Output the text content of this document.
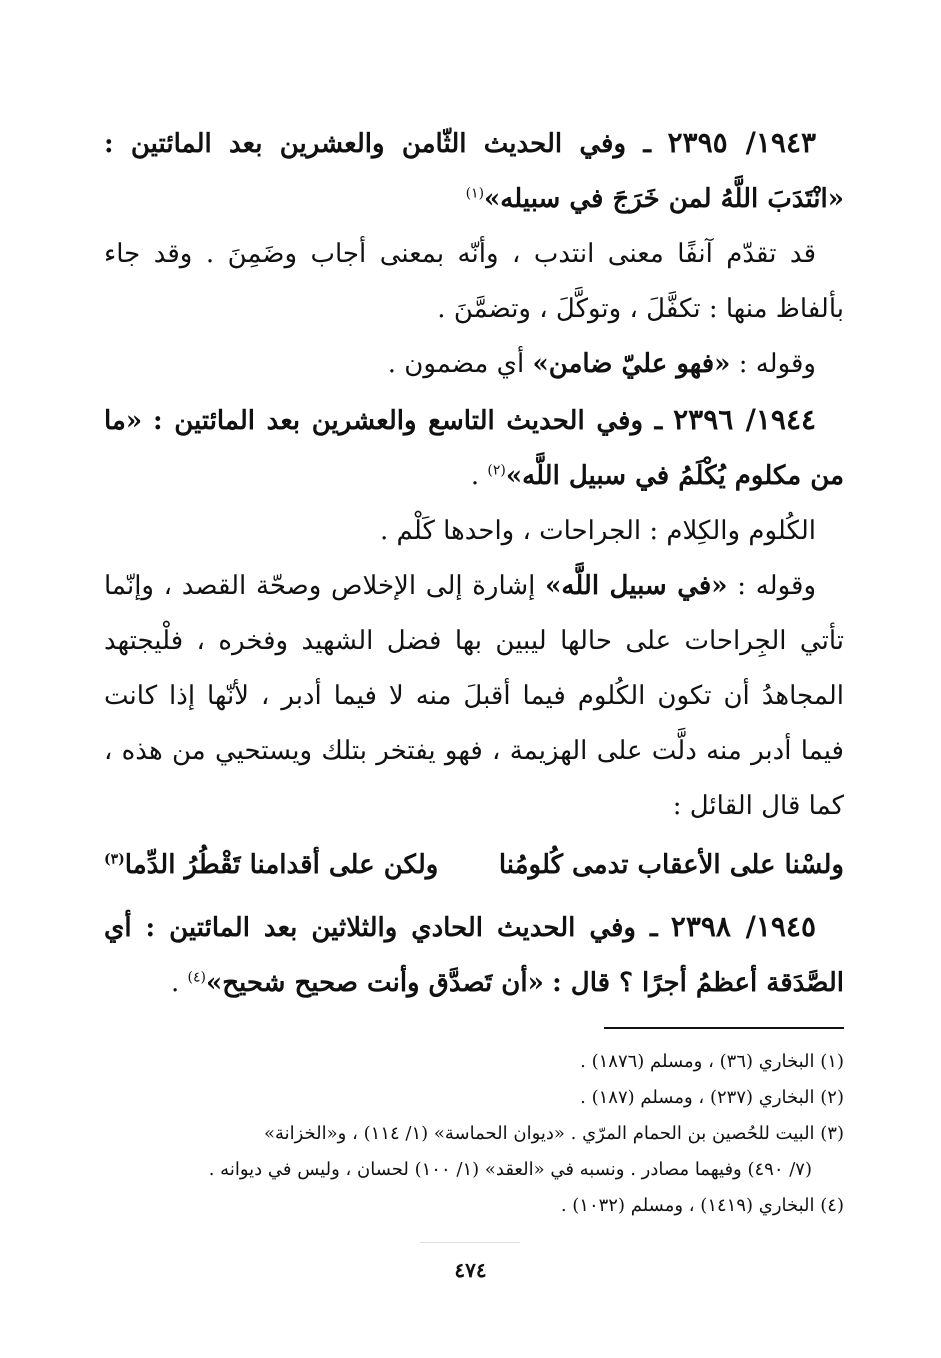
١٩٤٣/ ٢٣٩٥ ـ وفي الحديث الثّامن والعشرين بعد المائتين : «انْتَدَبَ اللَّهُ لمن خَرَجَ في سبيله»$^{(١)}$

قد تقدّم آنفًا معنى انتدب ، وأنّه بمعنى أجاب وضَمِنَ . وقد جاء بألفاظ منها : تكفَّلَ ، وتوكَّلَ ، وتضمَّنَ .

وقوله : «فهو عليّ ضامن» أي مضمون .

١٩٤٤/ ٢٣٩٦ ـ وفي الحديث التاسع والعشرين بعد المائتين : «ما من مكلوم يُكْلَمُ في سبيل اللَّه»$^{(٢)}$ .

الكُلوم والكِلام : الجراحات ، واحدها كَلْم .

وقوله : «في سبيل اللَّه» إشارة إلى الإخلاص وصحّة القصد ، وإنّما تأتي الجِراحات على حالها ليبين بها فضل الشهيد وفخره ، فلْيجتهد المجاهدُ أن تكون الكُلوم فيما أقبلَ منه لا فيما أدبر ، لأنّها إذا كانت فيما أدبر منه دلَّت على الهزيمة ، فهو يفتخر بتلك ويستحيي من هذه ، كما قال القائل :

ولسْنا على الأعقاب تدمى كُلومُنا
ولكن على أقدامنا تَقْطُرُ الدِّما$^{(٣)}$

١٩٤٥/ ٢٣٩٨ ـ وفي الحديث الحادي والثلاثين بعد المائتين : أي الصَّدَقة أعظمُ أجرًا ؟ قال : «أن تَصدَّق وأنت صحيح شحيح»$^{(٤)}$ .

(١) البخاري (٣٦) ، ومسلم (١٨٧٦) .

(٢) البخاري (٢٣٧) ، ومسلم (١٨٧) .

(٣) البيت للحُصين بن الحمام المرّي . «ديوان الحماسة» (١/ ١١٤) ، و«الخزانة»

(٧/ ٤٩٠) وفيهما مصادر . ونسبه في «العقد» (١/ ١٠٠) لحسان ، وليس في ديوانه .

(٤) البخاري (١٤١٩) ، ومسلم (١٠٣٢) .

٤٧٤
